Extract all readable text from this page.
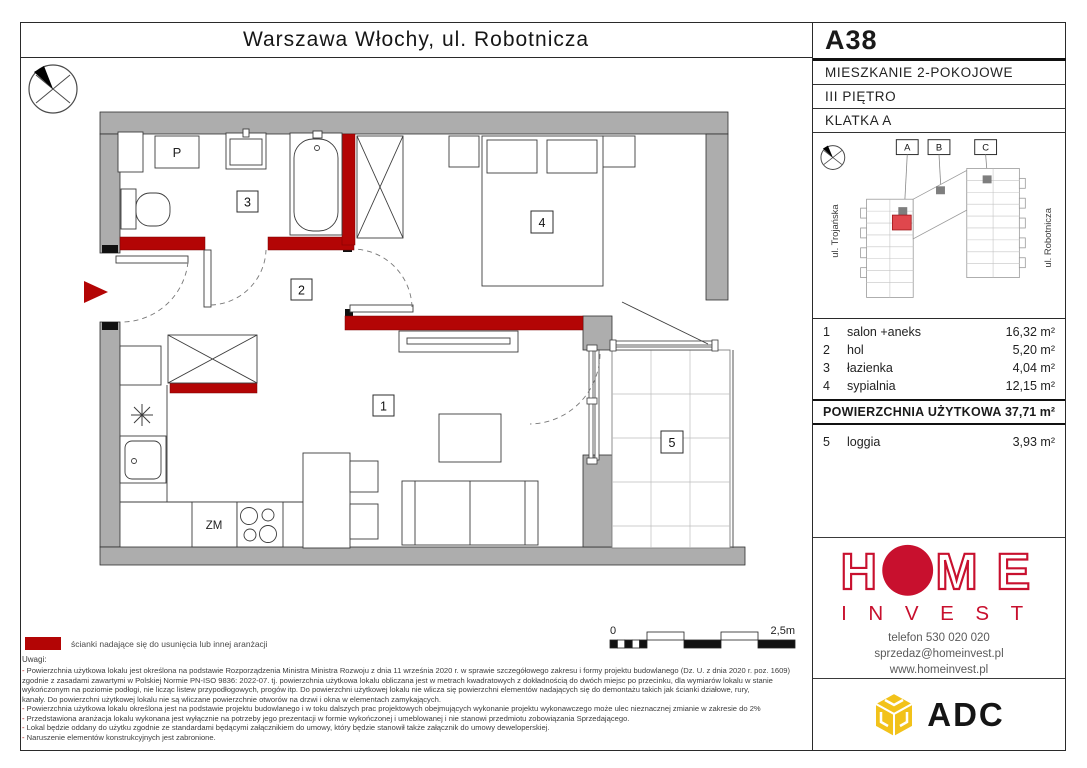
Warszawa Włochy, ul. Robotnicza
P
ZM
1
2
3
4
5
0	2,5m
ścianki nadające się do usunięcia lub innej aranżacji
Uwagi:
- Powierzchnia użytkowa lokalu jest określona na podstawie Rozporządzenia Ministra Ministra Rozwoju z dnia 11 września 2020 r. w sprawie szczegółowego zakresu i formy projektu budowlanego (Dz. U. z dnia 2020 r. poz. 1609)
zgodnie z zasadami zawartymi w Polskiej Normie PN-ISO 9836: 2022-07. tj. powierzchnia użytkowa lokalu obliczana jest w metrach kwadratowych z dokładnością do dwóch miejsc po przecinku, dla wymiarów lokalu w stanie
wykończonym na poziomie podłogi, nie licząc listew przypodłogowych, progów itp. Do powierzchni użytkowej lokalu nie wlicza się powierzchni elementów nadających się do demontażu takich jak ścianki działowe, rury,
kanały. Do powierzchni użytkowej lokalu nie są wliczane powierzchnie otworów na drzwi i okna w elementach zamykających.
- Powierzchnia użytkowa lokalu określona jest na podstawie projektu budowlanego i w toku dalszych prac projektowych obejmujących wykonanie projektu wykonawczego może ulec nieznacznej zmianie w zakresie do 2%
- Przedstawiona aranżacja lokalu wykonana jest wyłącznie na potrzeby jego prezentacji w formie wykończonej i umeblowanej i nie stanowi przedmiotu zobowiązania Sprzedającego.
- Lokal będzie oddany do użytku zgodnie ze standardami będącymi załącznikiem do umowy, który będzie stanowił także załącznik do umowy deweloperskiej.
- Naruszenie elementów konstrukcyjnych jest zabronione.
A38
MIESZKANIE 2-POKOJOWE
III PIĘTRO
KLATKA A
A	B	C
ul. Trojańska	ul. Robotnicza
1	salon +aneks	16,32 m²
2	hol	5,20 m²
3	łazienka	4,04 m²
4	sypialnia	12,15 m²
POWIERZCHNIA UŻYTKOWA 37,71 m²
5	loggia	3,93 m²
H M E
INVEST
telefon 530 020 020
sprzedaz@homeinvest.pl
www.homeinvest.pl
ADC
